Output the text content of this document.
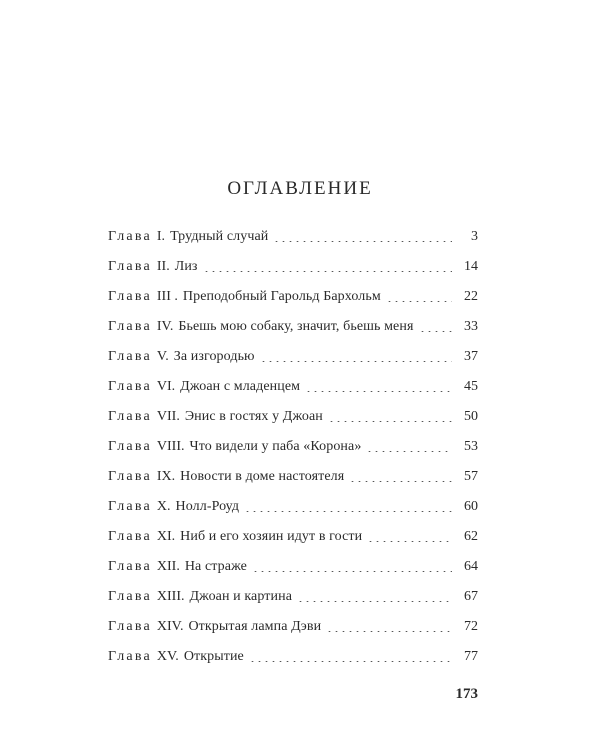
ОГЛАВЛЕНИЕ
Глава I. Трудный случай	3
Глава II. Лиз	14
Глава III . Преподобный Гарольд Бархольм	22
Глава IV. Бьешь мою собаку, значит, бьешь меня	33
Глава V. За изгородью	37
Глава VI. Джоан с младенцем	45
Глава VII. Энис в гостях у Джоан	50
Глава VIII. Что видели у паба «Корона»	53
Глава IX. Новости в доме настоятеля	57
Глава X. Нолл-Роуд	60
Глава XI. Ниб и его хозяин идут в гости	62
Глава XII. На страже	64
Глава XIII. Джоан и картина	67
Глава XIV. Открытая лампа Дэви	72
Глава XV. Открытие	77
173
